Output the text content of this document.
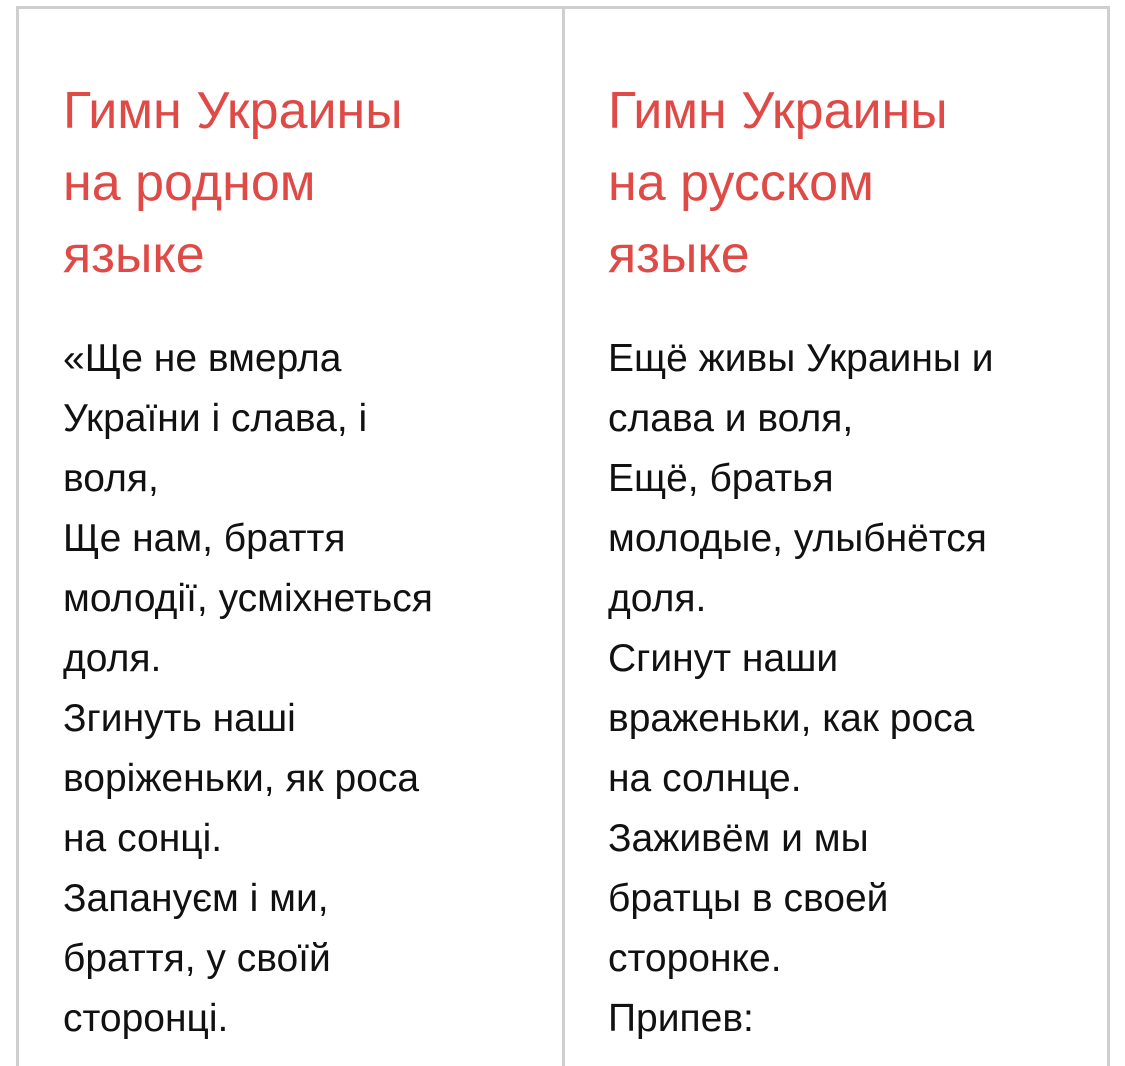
Гимн Украины
на родном
языке
«Ще не вмерла
України і слава, і
воля,
Ще нам, браття
молодії, усміхнеться
доля.
Згинуть наші
воріженьки, як роса
на сонці.
Запануєм і ми,
браття, у своїй
сторонці.
Гимн Украины
на русском
языке
Ещё живы Украины и
слава и воля,
Ещё, братья
молодые, улыбнётся
доля.
Сгинут наши
враженьки, как роса
на солнце.
Заживём и мы
братцы в своей
сторонке.
Припев:
